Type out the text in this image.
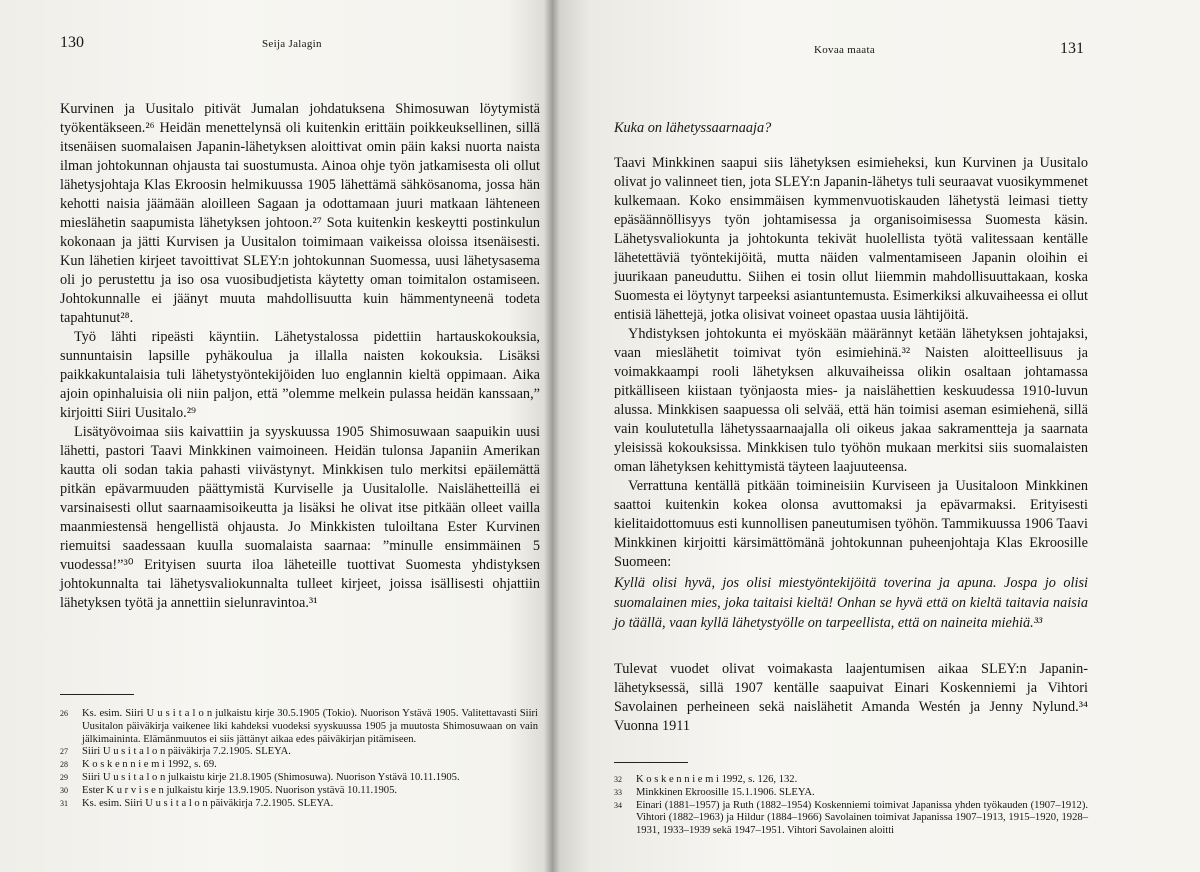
130	Seija Jalagin

Kurvinen ja Uusitalo pitivät Jumalan johdatuksena Shimosuwan löytymistä työkentäkseen.²⁶ Heidän menettelynsä oli kuitenkin erittäin poikkeuksellinen, sillä itsenäisen suomalaisen Japanin-lähetyksen aloittivat omin päin kaksi nuorta naista ilman johtokunnan ohjausta tai suostumusta. Ainoa ohje työn jatkamisesta oli ollut lähetysjohtaja Klas Ekroosin helmikuussa 1905 lähettämä sähkösanoma, jossa hän kehotti naisia jäämään aloilleen Sagaan ja odottamaan juuri matkaan lähteneen mieslähetin saapumista lähetyksen johtoon.²⁷ Sota kuitenkin keskeytti postinkulun kokonaan ja jätti Kurvisen ja Uusitalon toimimaan vaikeissa oloissa itsenäisesti. Kun lähetien kirjeet tavoittivat SLEY:n johtokunnan Suomessa, uusi lähetysasema oli jo perustettu ja iso osa vuosibudjetista käytetty oman toimitalon ostamiseen. Johtokunnalle ei jäänyt muuta mahdollisuutta kuin hämmentyneenä todeta tapahtunut²⁸.

Työ lähti ripeästi käyntiin. Lähetystalossa pidettiin hartauskokouksia, sunnuntaisin lapsille pyhäkoulua ja illalla naisten kokouksia. Lisäksi paikkakuntalaisia tuli lähetystyöntekijöiden luo englannin kieltä oppimaan. Aika ajoin opinhaluisia oli niin paljon, että ”olemme melkein pulassa heidän kanssaan,” kirjoitti Siiri Uusitalo.²⁹

Lisätyövoimaa siis kaivattiin ja syyskuussa 1905 Shimosuwaan saapuikin uusi lähetti, pastori Taavi Minkkinen vaimoineen. Heidän tulonsa Japaniin Amerikan kautta oli sodan takia pahasti viivästynyt. Minkkisen tulo merkitsi epäilemättä pitkän epävarmuuden päättymistä Kurviselle ja Uusitalolle. Naislähetteillä ei varsinaisesti ollut saarnaamisoikeutta ja lisäksi he olivat itse pitkään olleet vailla maanmiestensä hengellistä ohjausta. Jo Minkkisten tuloiltana Ester Kurvinen riemuitsi saadessaan kuulla suomalaista saarnaa: ”minulle ensimmäinen 5 vuodessa!”³⁰ Erityisen suurta iloa läheteille tuottivat Suomesta yhdistyksen johtokunnalta tai lähetysvaliokunnalta tulleet kirjeet, joissa isällisesti ohjattiin lähetyksen työtä ja annettiin sielunravintoa.³¹

26	Ks. esim. Siiri U u s i t a l o n julkaistu kirje 30.5.1905 (Tokio). Nuorison Ystävä 1905. Valitettavasti Siiri Uusitalon päiväkirja vaikenee liki kahdeksi vuodeksi syyskuussa 1905 ja muutosta Shimosuwaan on vain jälkimaininta. Elämänmuutos ei siis jättänyt aikaa edes päiväkirjan pitämiseen.
27	Siiri U u s i t a l o n päiväkirja 7.2.1905. SLEYA.
28	K o s k e n n i e m i 1992, s. 69.
29	Siiri U u s i t a l o n julkaistu kirje 21.8.1905 (Shimosuwa). Nuorison Ystävä 10.11.1905.
30	Ester K u r v i s e n julkaistu kirje 13.9.1905. Nuorison ystävä 10.11.1905.
31	Ks. esim. Siiri U u s i t a l o n päiväkirja 7.2.1905. SLEYA.
Kovaa maata	131
Kuka on lähetyssaarnaaja?

Taavi Minkkinen saapui siis lähetyksen esimieheksi, kun Kurvinen ja Uusitalo olivat jo valinneet tien, jota SLEY:n Japanin-lähetys tuli seuraavat vuosikymmenet kulkemaan. Koko ensimmäisen kymmenvuotiskauden lähetystä leimasi tietty epäsäännöllisyys työn johtamisessa ja organisoimisessa Suomesta käsin. Lähetysvaliokunta ja johtokunta tekivät huolellista työtä valitessaan kentälle lähetettäviä työntekijöitä, mutta näiden valmentamiseen Japanin oloihin ei juurikaan paneuduttu. Siihen ei tosin ollut liiemmin mahdollisuuttakaan, koska Suomesta ei löytynyt tarpeeksi asiantuntemusta. Esimerkiksi alkuvaiheessa ei ollut entisiä lähettejä, jotka olisivat voineet opastaa uusia lähtijöitä.

Yhdistyksen johtokunta ei myöskään määrännyt ketään lähetyksen johtajaksi, vaan mieslähetit toimivat työn esimiehinä.³² Naisten aloitteellisuus ja voimakkaampi rooli lähetyksen alkuvaiheissa olikin osaltaan johtamassa pitkälliseen kiistaan työnjaosta mies- ja naislähettien keskuudessa 1910-luvun alussa. Minkkisen saapuessa oli selvää, että hän toimisi aseman esimiehenä, sillä vain koulutetulla lähetyssaarnaajalla oli oikeus jakaa sakramentteja ja saarnata yleisissä kokouksissa. Minkkisen tulo työhön mukaan merkitsi siis suomalaisten oman lähetyksen kehittymistä täyteen laajuuteensa.

Verrattuna kentällä pitkään toimineisiin Kurviseen ja Uusitaloon Minkkinen saattoi kuitenkin kokea olonsa avuttomaksi ja epävarmaksi. Erityisesti kielitaidottomuus esti kunnollisen paneutumisen työhön. Tammikuussa 1906 Taavi Minkkinen kirjoitti kärsimättömänä johtokunnan puheenjohtaja Klas Ekroosille Suomeen:

Kyllä olisi hyvä, jos olisi miestyöntekijöitä toverina ja apuna. Jospa jo olisi suomalainen mies, joka taitaisi kieltä! Onhan se hyvä että on kieltä taitavia naisia jo täällä, vaan kyllä lähetystyölle on tarpeellista, että on naineita miehiä.³³

Tulevat vuodet olivat voimakasta laajentumisen aikaa SLEY:n Japanin-lähetyksessä, sillä 1907 kentälle saapuivat Einari Koskenniemi ja Vihtori Savolainen perheineen sekä naislähetit Amanda Westén ja Jenny Nylund.³⁴ Vuonna 1911

32	K o s k e n n i e m i 1992, s. 126, 132.
33	Minkkinen Ekroosille 15.1.1906. SLEYA.
34	Einari (1881–1957) ja Ruth (1882–1954) Koskenniemi toimivat Japanissa yhden työkauden (1907–1912). Vihtori (1882–1963) ja Hildur (1884–1966) Savolainen toimivat Japanissa 1907–1913, 1915–1920, 1928–1931, 1933–1939 sekä 1947–1951. Vihtori Savolainen aloitti
